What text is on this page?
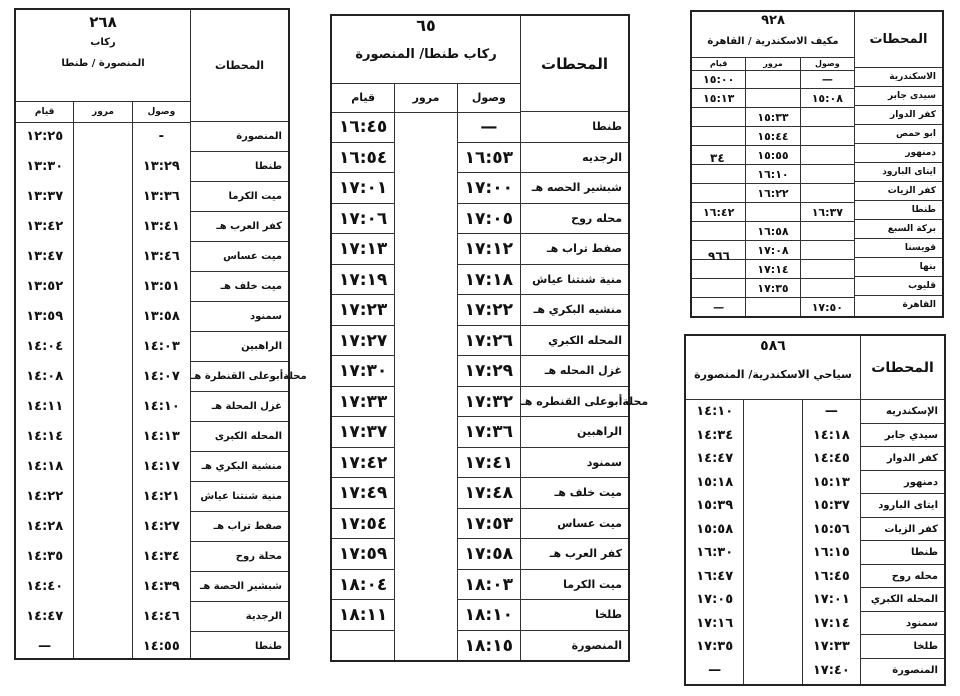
المحطات
المنصورة
طنطا
ميت الكرما
كفر العرب هـ
ميت عساس
ميت خلف هـ
سمنود
الراهبين
محلةأبوعلى القنطرة هـ
غزل المحلة هـ
المحله الكبرى
منشية البكري هـ
منية شنتنا عياش
صفط تراب هـ
محلة روح
شبشير الحصة هـ
الرجدية
طنطا
٢٦٨
ركاب
المنصورة / طنطا
وصول
مرور
قيام
-
١٣:٢٩
١٣:٣٦
١٣:٤١
١٣:٤٦
١٣:٥١
١٣:٥٨
١٤:٠٣
١٤:٠٧
١٤:١٠
١٤:١٣
١٤:١٧
١٤:٢١
١٤:٢٧
١٤:٣٤
١٤:٣٩
١٤:٤٦
١٤:٥٥
١٢:٢٥
١٣:٣٠
١٣:٣٧
١٣:٤٢
١٣:٤٧
١٣:٥٢
١٣:٥٩
١٤:٠٤
١٤:٠٨
١٤:١١
١٤:١٤
١٤:١٨
١٤:٢٢
١٤:٢٨
١٤:٣٥
١٤:٤٠
١٤:٤٧
—
المحطات
طنطا
الرجديه
شبشير الحصه هـ
محله روح
صفط تراب هـ
منية شنتنا عياش
منشيه البكري هـ
المحله الكبري
غزل المحله هـ
محلةأبوعلى القنطره هـ
الراهبين
سمنود
ميت خلف هـ
ميت عساس
كفر العرب هـ
ميت الكرما
طلخا
المنصورة
٦٥
ركاب طنطا/ المنصورة
وصول
مرور
قيام
—
١٦:٥٣
١٧:٠٠
١٧:٠٥
١٧:١٢
١٧:١٨
١٧:٢٢
١٧:٢٦
١٧:٢٩
١٧:٣٢
١٧:٣٦
١٧:٤١
١٧:٤٨
١٧:٥٣
١٧:٥٨
١٨:٠٣
١٨:١٠
١٨:١٥
١٦:٤٥
١٦:٥٤
١٧:٠١
١٧:٠٦
١٧:١٣
١٧:١٩
١٧:٢٣
١٧:٢٧
١٧:٣٠
١٧:٣٣
١٧:٣٧
١٧:٤٢
١٧:٤٩
١٧:٥٤
١٧:٥٩
١٨:٠٤
١٨:١١
المحطات
الاسكندرية
سيدى جابر
كفر الدوار
ابو حمص
دمنهور
ايتاى البارود
كفر الزيات
طنطا
بركة السبع
قويسنا
بنها
قليوب
القاهرة
٩٢٨
مكيف الاسكندرية / القاهرة
وصول
مرور
قيام
—
١٥:٠٨
١٦:٣٧
١٧:٥٠
١٥:٣٣
١٥:٤٤
١٥:٥٥
١٦:١٠
١٦:٢٢
١٦:٥٨
١٧:٠٨
١٧:١٤
١٧:٣٥
١٥:٠٠
١٥:١٣
١٦:٤٢
—
٣٤
٩٦٦
المحطات
الإسكندريه
سيدي جابر
كفر الدوار
دمنهور
ايتاى البارود
كفر الزيات
طنطا
محله روح
المحله الكبري
سمنود
طلخا
المنصورة
٥٨٦
سياحي الاسكندرية/ المنصورة
—
١٤:١٨
١٤:٤٥
١٥:١٣
١٥:٣٧
١٥:٥٦
١٦:١٥
١٦:٤٥
١٧:٠١
١٧:١٤
١٧:٣٣
١٧:٤٠
١٤:١٠
١٤:٣٤
١٤:٤٧
١٥:١٨
١٥:٣٩
١٥:٥٨
١٦:٣٠
١٦:٤٧
١٧:٠٥
١٧:١٦
١٧:٣٥
—
